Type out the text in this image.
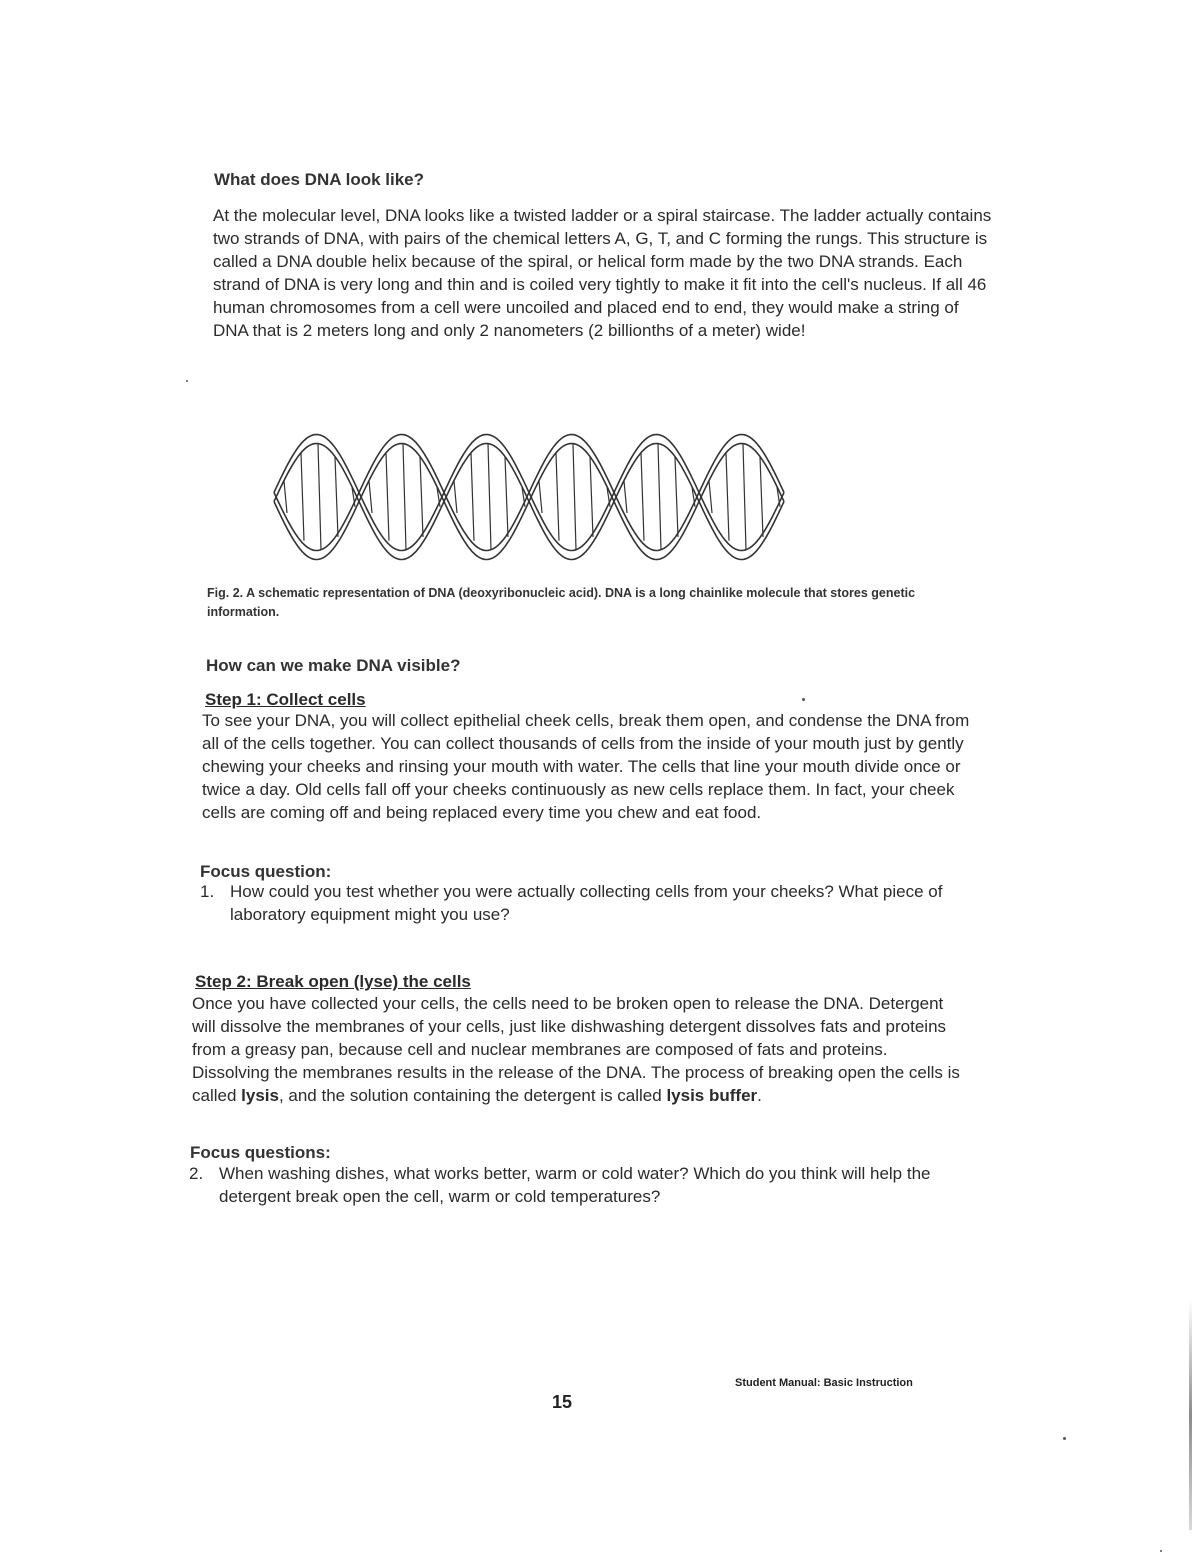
What does DNA look like?
At the molecular level, DNA looks like a twisted ladder or a spiral staircase. The ladder actually contains two strands of DNA, with pairs of the chemical letters A, G, T, and C forming the rungs. This structure is called a DNA double helix because of the spiral, or helical form made by the two DNA strands. Each strand of DNA is very long and thin and is coiled very tightly to make it fit into the cell's nucleus. If all 46 human chromosomes from a cell were uncoiled and placed end to end, they would make a string of DNA that is 2 meters long and only 2 nanometers (2 billionths of a meter) wide!
Fig. 2. A schematic representation of DNA (deoxyribonucleic acid). DNA is a long chainlike molecule that stores genetic information.
How can we make DNA visible?
Step 1: Collect cells
To see your DNA, you will collect epithelial cheek cells, break them open, and condense the DNA from all of the cells together. You can collect thousands of cells from the inside of your mouth just by gently chewing your cheeks and rinsing your mouth with water. The cells that line your mouth divide once or twice a day. Old cells fall off your cheeks continuously as new cells replace them. In fact, your cheek cells are coming off and being replaced every time you chew and eat food.
Focus question:
1. How could you test whether you were actually collecting cells from your cheeks? What piece of laboratory equipment might you use?
Step 2: Break open (lyse) the cells
Once you have collected your cells, the cells need to be broken open to release the DNA. Detergent will dissolve the membranes of your cells, just like dishwashing detergent dissolves fats and proteins from a greasy pan, because cell and nuclear membranes are composed of fats and proteins. Dissolving the membranes results in the release of the DNA. The process of breaking open the cells is called lysis, and the solution containing the detergent is called lysis buffer.
Focus questions:
2. When washing dishes, what works better, warm or cold water? Which do you think will help the detergent break open the cell, warm or cold temperatures?
Student Manual: Basic Instruction
15
